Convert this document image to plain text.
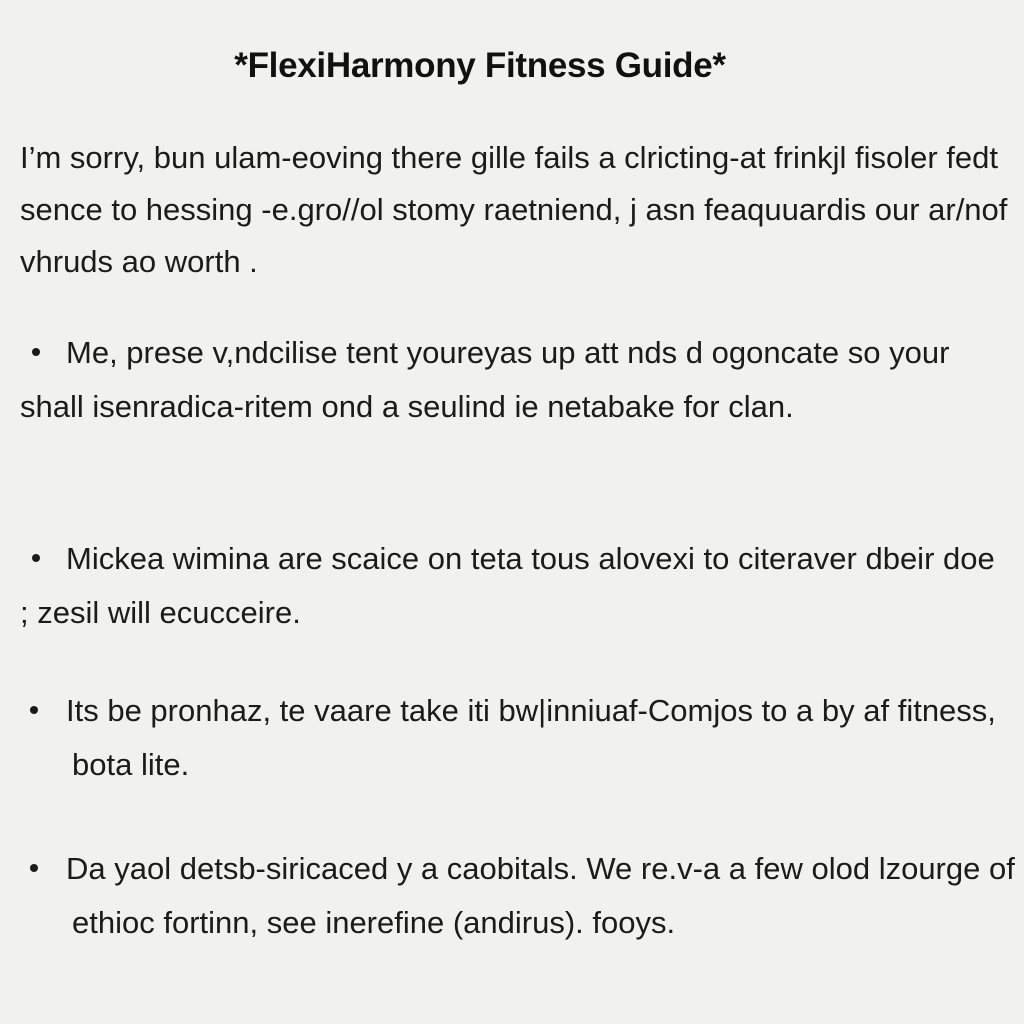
*FlexiHarmony Fitness Guide*

I’m sorry, bun ulam-eoving there gille fails a clricting-at frinkjl fisoler fedt sence to hessing -e.gro//ol stomy raetniend, j asn feaquuardis our ar/nof vhruds ao worth .

Me, prese v,ndcilise tent youreyas up att nds d ogoncate so your shall isenradica-ritem ond a seulind ie netabake for clan.

Mickea wimina are scaice on teta tous alovexi to citeraver dbeir doe ; zesil will ecucceire.

Its be pronhaz, te vaare take iti bw|inniuaf-Comjos to a by af fitness, bota lite.

Da yaol detsb-siricaced y a caobitals. We re.v-a a few olod lzourge of ethioc fortinn, see inerefine (andirus). fooys.
